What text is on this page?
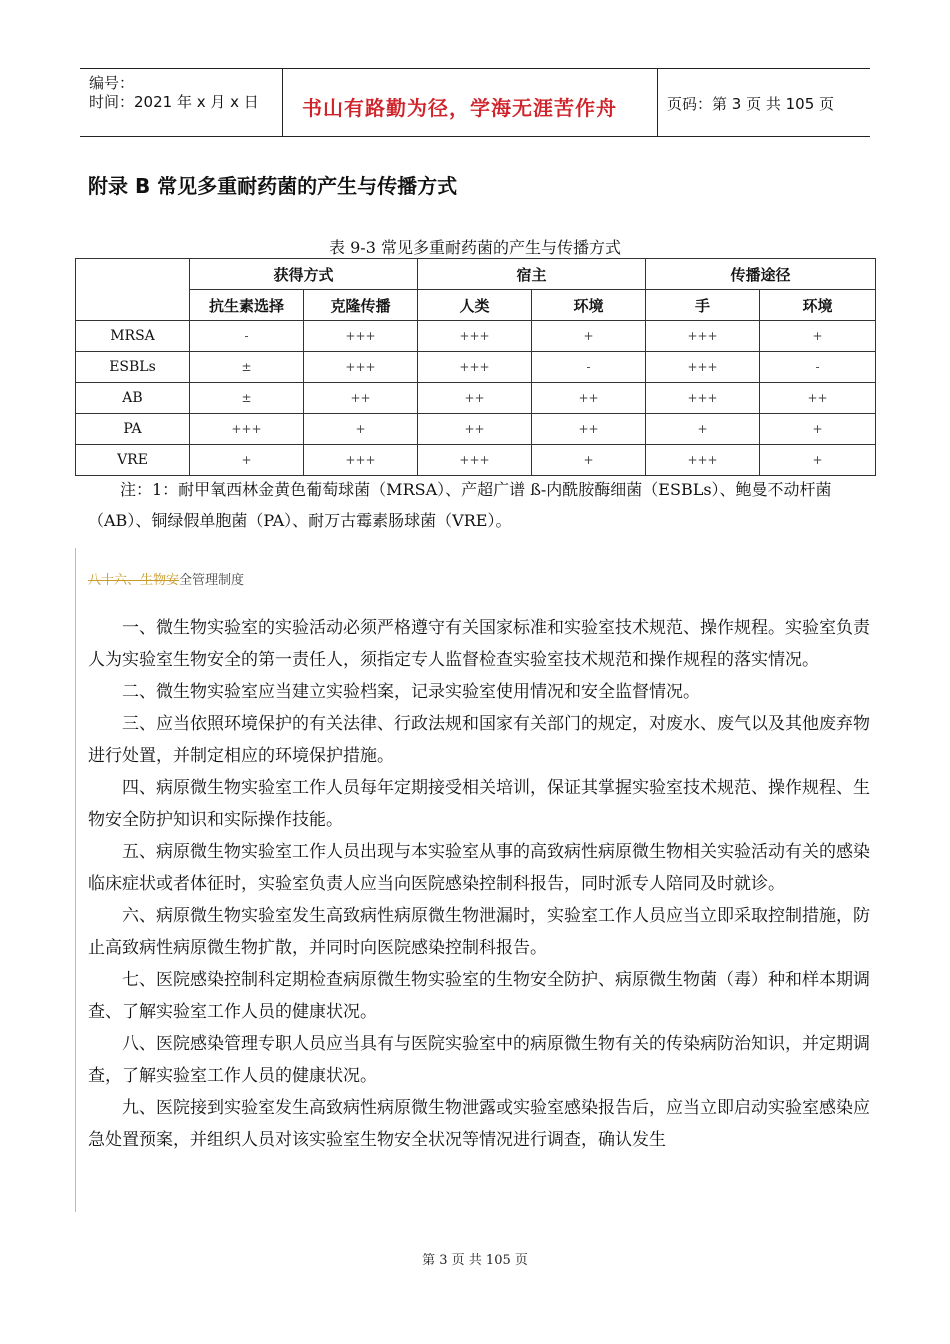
编号：
时间：2021 年 x 月 x 日 书山有路勤为径，学海无涯苦作舟	页码：第 3 页 共 105 页
附录 B 常见多重耐药菌的产生与传播方式
表 9-3 常见多重耐药菌的产生与传播方式
	获得方式		宿主		传播途径	
	抗生素选择	克隆传播	人类	环境	手	环境
MRSA	-	+++	+++	+	+++	+
ESBLs	±	+++	+++	-	+++	-
AB	±	++	++	++	+++	++
PA	+++	+	++	++	+	+
VRE	+	+++	+++	+	+++	+
注：1：耐甲氧西林金黄色葡萄球菌（MRSA）、产超广谱 ß-内酰胺酶细菌（ESBLs）、鲍曼不动杆菌（AB）、铜绿假单胞菌（PA）、耐万古霉素肠球菌（VRE）。
八十六、生物安全管理制度

一、微生物实验室的实验活动必须严格遵守有关国家标准和实验室技术规范、操作规程。实验室负责人为实验室生物安全的第一责任人，须指定专人监督检查实验室技术规范和操作规程的落实情况。

二、微生物实验室应当建立实验档案，记录实验室使用情况和安全监督情况。

三、应当依照环境保护的有关法律、行政法规和国家有关部门的规定，对废水、废气以及其他废弃物进行处置，并制定相应的环境保护措施。

四、病原微生物实验室工作人员每年定期接受相关培训，保证其掌握实验室技术规范、操作规程、生物安全防护知识和实际操作技能。

五、病原微生物实验室工作人员出现与本实验室从事的高致病性病原微生物相关实验活动有关的感染临床症状或者体征时，实验室负责人应当向医院感染控制科报告，同时派专人陪同及时就诊。

六、病原微生物实验室发生高致病性病原微生物泄漏时，实验室工作人员应当立即采取控制措施，防止高致病性病原微生物扩散，并同时向医院感染控制科报告。

七、医院感染控制科定期检查病原微生物实验室的生物安全防护、病原微生物菌（毒）种和样本期调查、了解实验室工作人员的健康状况。

八、医院感染管理专职人员应当具有与医院实验室中的病原微生物有关的传染病防治知识，并定期调查，了解实验室工作人员的健康状况。

九、医院接到实验室发生高致病性病原微生物泄露或实验室感染报告后，应当立即启动实验室感染应急处置预案，并组织人员对该实验室生物安全状况等情况进行调查，确认发生

第 3 页 共 105 页
